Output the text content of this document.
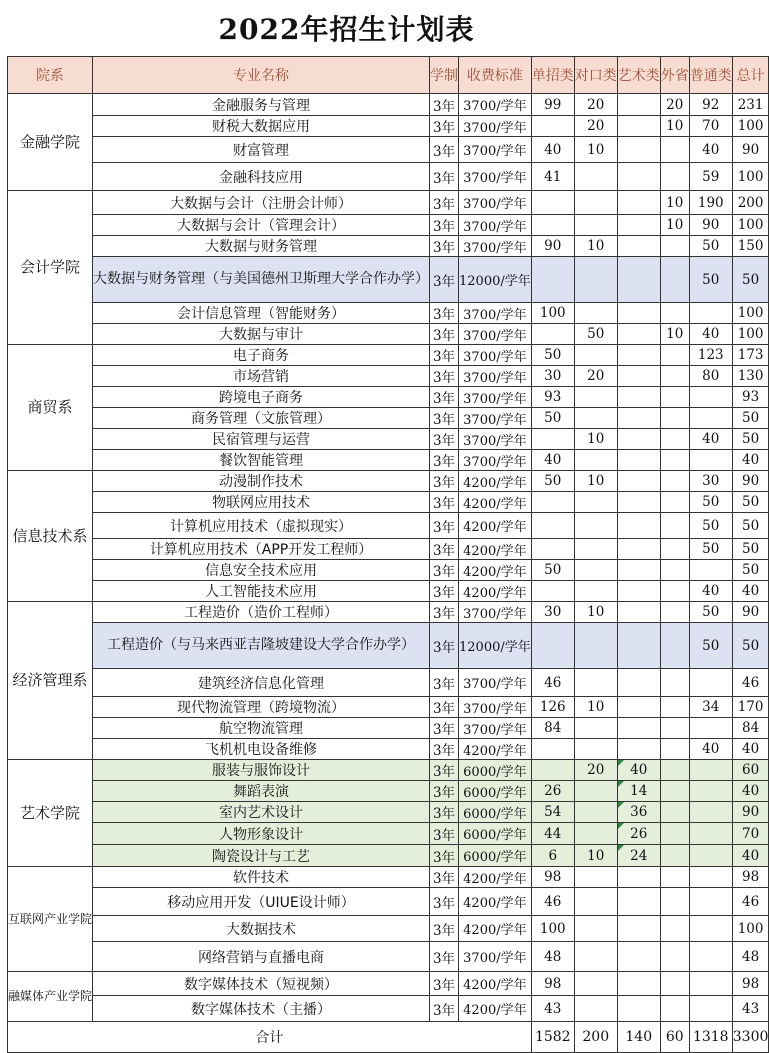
2022年招生计划表
院系	专业名称	学制	收费标准	单招类	对口类	艺术类	外省	普通类	总计
金融学院	金融服务与管理	3年	3700/学年	99	20		20	92	231
	财税大数据应用	3年	3700/学年		20		10	70	100
	财富管理	3年	3700/学年	40	10			40	90
	金融科技应用	3年	3700/学年	41				59	100
会计学院	大数据与会计（注册会计师）	3年	3700/学年				10	190	200
	大数据与会计（管理会计）	3年	3700/学年				10	90	100
	大数据与财务管理	3年	3700/学年	90	10			50	150
	大数据与财务管理（与美国德州卫斯理大学合作办学）	3年	12000/学年					50	50
	会计信息管理（智能财务）	3年	3700/学年	100					100
	大数据与审计	3年	3700/学年		50		10	40	100
商贸系	电子商务	3年	3700/学年	50				123	173
	市场营销	3年	3700/学年	30	20			80	130
	跨境电子商务	3年	3700/学年	93					93
	商务管理（文旅管理）	3年	3700/学年	50					50
	民宿管理与运营	3年	3700/学年		10			40	50
	餐饮智能管理	3年	3700/学年	40					40
信息技术系	动漫制作技术	3年	4200/学年	50	10			30	90
	物联网应用技术	3年	4200/学年					50	50
	计算机应用技术（虚拟现实）	3年	4200/学年					50	50
	计算机应用技术（APP开发工程师）	3年	4200/学年					50	50
	信息安全技术应用	3年	4200/学年	50					50
	人工智能技术应用	3年	4200/学年					40	40
经济管理系	工程造价（造价工程师）	3年	3700/学年	30	10			50	90
	工程造价（与马来西亚吉隆坡建设大学合作办学）	3年	12000/学年					50	50
	建筑经济信息化管理	3年	3700/学年	46					46
	现代物流管理（跨境物流）	3年	3700/学年	126	10			34	170
	航空物流管理	3年	3700/学年	84					84
	飞机机电设备维修	3年	4200/学年					40	40
艺术学院	服装与服饰设计	3年	6000/学年		20	40			60
	舞蹈表演	3年	6000/学年	26		14			40
	室内艺术设计	3年	6000/学年	54		36			90
	人物形象设计	3年	6000/学年	44		26			70
	陶瓷设计与工艺	3年	6000/学年	6	10	24			40
互联网产业学院	软件技术	3年	4200/学年	98					98
	移动应用开发（UIUE设计师）	3年	4200/学年	46					46
	大数据技术	3年	4200/学年	100					100
	网络营销与直播电商	3年	3700/学年	48					48
融媒体产业学院	数字媒体技术（短视频）	3年	4200/学年	98					98
	数字媒体技术（主播）	3年	4200/学年	43					43
合计				1582	200	140	60	1318	3300
